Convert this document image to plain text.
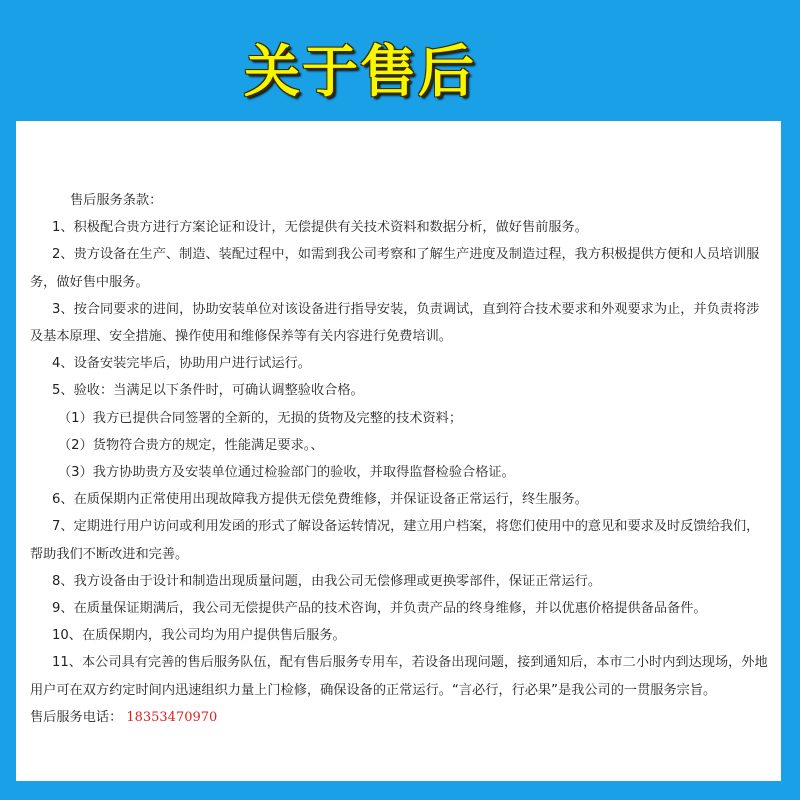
关于售后
售后服务条款：
1、积极配合贵方进行方案论证和设计，无偿提供有关技术资料和数据分析，做好售前服务。
2、贵方设备在生产、制造、装配过程中，如需到我公司考察和了解生产进度及制造过程，我方积极提供方便和人员培训服务，做好售中服务。
3、按合同要求的进间，协助安装单位对该设备进行指导安装，负责调试，直到符合技术要求和外观要求为止，并负责将涉及基本原理、安全措施、操作使用和维修保养等有关内容进行免费培训。
4、设备安装完毕后，协助用户进行试运行。
5、验收：当满足以下条件时，可确认调整验收合格。
（1）我方已提供合同签署的全新的，无损的货物及完整的技术资料；
（2）货物符合贵方的规定，性能满足要求。、
（3）我方协助贵方及安装单位通过检验部门的验收，并取得监督检验合格证。
6、在质保期内正常使用出现故障我方提供无偿免费维修，并保证设备正常运行，终生服务。
7、定期进行用户访问或利用发函的形式了解设备运转情况，建立用户档案，将您们使用中的意见和要求及时反馈给我们，帮助我们不断改进和完善。
8、我方设备由于设计和制造出现质量问题，由我公司无偿修理或更换零部件，保证正常运行。
9、在质量保证期满后，我公司无偿提供产品的技术咨询，并负责产品的终身维修，并以优惠价格提供备品备件。
10、在质保期内，我公司均为用户提供售后服务。
11、本公司具有完善的售后服务队伍，配有售后服务专用车，若设备出现问题，接到通知后，本市二小时内到达现场，外地用户可在双方约定时间内迅速组织力量上门检修，确保设备的正常运行。“言必行，行必果”是我公司的一贯服务宗旨。
售后服务电话： 18353470970
